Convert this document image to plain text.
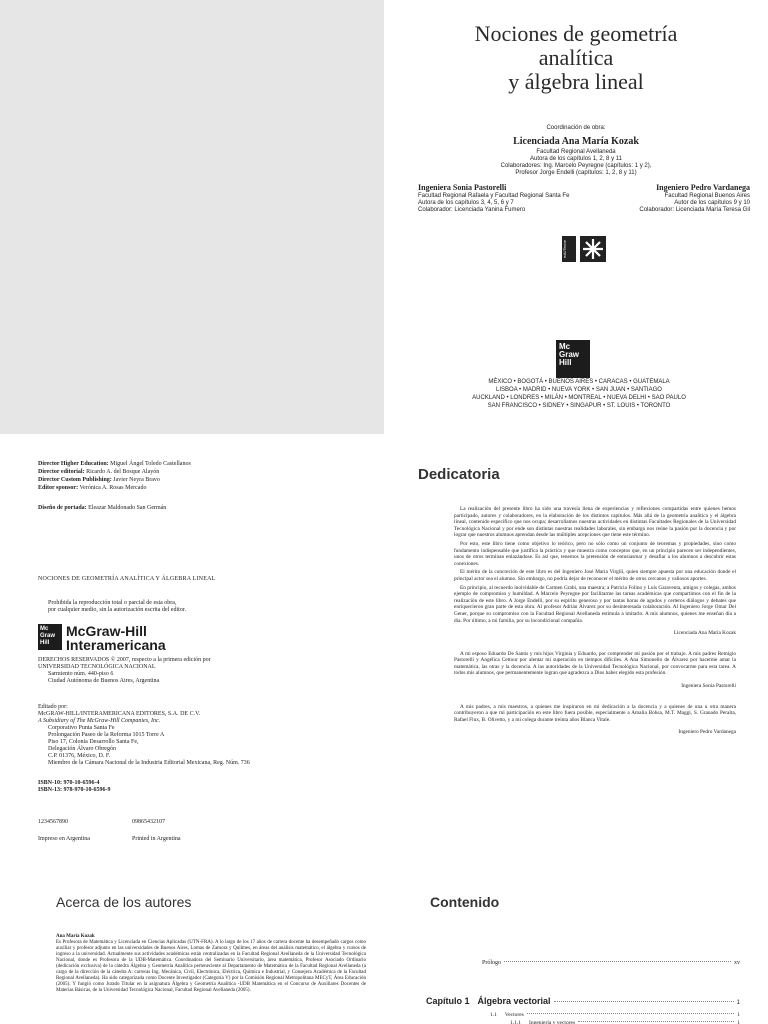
Nociones de geometría
analítica
y álgebra lineal
Coordinación de obra:
Licenciada Ana María Kozak
Facultad Regional Avellaneda
Autora de los capítulos 1, 2, 8 y 11
Colaboradores: Ing. Marcelo Peyregne (capítulos: 1 y 2),
Profesor Jorge Endelli (capítulos: 1, 2, 8 y 11)
Ingeniera Sonia Pastorelli
Facultad Regional Rafaela y Facultad Regional Santa Fe
Autora de los capítulos 3, 4, 5, 6 y 7
Colaborador: Licenciada Yanina Fumero
Ingeniero Pedro Vardanega
Facultad Regional Buenos Aires
Autor de los capítulos 9 y 10
Colaborador: Licenciada María Teresa Gil
edUTecne
Mc Graw Hill
MÉXICO • BOGOTÁ • BUENOS AIRES • CARACAS • GUATEMALA
LISBOA • MADRID • NUEVA YORK • SAN JUAN • SANTIAGO
AUCKLAND • LONDRES • MILÁN • MONTREAL • NUEVA DELHI • SAO PAULO
SAN FRANCISCO • SIDNEY • SINGAPUR • ST. LOUIS • TORONTO
Director Higher Education: Miguel Ángel Toledo Castellanos
Director editorial: Ricardo A. del Bosque Alayón
Director Custom Publishing: Javier Neyra Bravo
Editor sponsor: Verónica A. Rosas Mercado
Diseño de portada: Eleazar Maldonado San Germán
NOCIONES DE GEOMETRÍA ANALÍTICA Y ÁLGEBRA LINEAL
Prohibida la reproducción total o parcial de esta obra,
por cualquier medio, sin la autorización escrita del editor.
Mc Graw Hill
McGraw-Hill
Interamericana
DERECHOS RESERVADOS © 2007, respecto a la primera edición por
UNIVERSIDAD TECNOLÓGICA NACIONAL
Sarmiento núm. 440-piso 6
Ciudad Autónoma de Buenos Aires, Argentina
Editado por:
McGRAW-HILL/INTERAMERICANA EDITORES, S.A. DE C.V.
A Subsidiary of The McGraw-Hill Companies, Inc.
Corporativo Punta Santa Fe
Prolongación Paseo de la Reforma 1015 Torre A
Piso 17, Colonia Desarrollo Santa Fe,
Delegación Álvaro Obregón
C.P. 01376, México, D. F.
Miembro de la Cámara Nacional de la Industria Editorial Mexicana, Reg. Núm. 736
ISBN-10: 970-10-6596-4
ISBN-13: 978-970-10-6596-9
1234567890	09865432107
Impreso en Argentina	Printed in Argentina
Dedicatoria

La realización del presente libro ha sido una travesía llena de experiencias y reflexiones compartidas entre quienes hemos participado, autores y colaboradores, en la elaboración de los distintos capítulos. Más allá de la geometría analítica y el álgebra lineal, contenido específico que nos ocupa; desarrollamos nuestras actividades en distintas Facultades Regionales de la Universidad Tecnológica Nacional y por ende son distintas nuestras realidades laborales, sin embargo nos reúne la pasión por la docencia y por lograr que nuestros alumnos aprendan desde las múltiples acepciones que tiene este término.

Por esto, este libro tiene como objetivo lo teórico, pero no sólo como un conjunto de teoremas y propiedades, sino como fundamento indispensable que justifica la práctica y que muestra como conceptos que, en un principio parecen ser independientes, unos de otros terminan enlazándose. Es así que, tenemos la pretensión de entusiasmar y desafiar a los alumnos a descubrir estas conexiones.

El mérito de la concreción de este libro es del Ingeniero José María Virgili, quien siempre apuesta por una educación donde el principal actor sea el alumno. Sin embargo, no podría dejar de reconocer el mérito de otros cercanos y valiosos aportes.

En principio, al recuerdo inolvidable de Carmen Grabi, una maestra; a Patricia Folino y Luis Garaventa, amigos y colegas, ambos ejemplo de compromiso y humildad. A Marcelo Peyregne por facilitarme las tareas académicas que compartimos con el fin de la realización de este libro. A Jorge Endelli, por su espíritu generoso y por tantas horas de agudos y certeros diálogos y debates que enriquecieron gran parte de esta obra. Al profesor Adrián Álvarez por su desinteresada colaboración. Al Ingeniero Jorge Omar Del Gener, porque su compromiso con la Facultad Regional Avellaneda estimula a imitarlo. A mis alumnos, quienes me enseñan día a día. Por último, a mi familia, por su incondicional compañía.

Licenciada Ana María Kozak

A mi esposo Eduardo De Santis y mis hijos Virginia y Eduardo, por comprender mi pasión por el trabajo. A mis padres Remigio Pastorelli y Angélica Cettour por alentar mi superación en tiempos difíciles. A Ana Simonello de Álvarez por hacerme amar la matemática, las otras y la docencia. A las autoridades de la Universidad Tecnológica Nacional, por convocarme para esta tarea. A todos mis alumnos, que permanentemente logran que agradezca a Dios haber elegido esta profesión.

Ingeniera Sonia Pastorelli

A mis padres, a mis maestros, a quienes me inspiraron en mi dedicación a la docencia y a quienes de una u otra manera contribuyeron a que mi participación en este libro fuera posible, especialmente a Amalia Bohsa, M.T. Maggi, S. Granado Peralta, Rafael Flux, B. Olivetto, y a mi colega durante treinta años Blanca Vitale.

Ingeniero Pedro Vardanega

Acerca de los autores
Ana María Kozak
Es Profesora de Matemática y Licenciada en Ciencias Aplicadas (UTN-FRA). A lo largo de los 17 años de carrera docente ha desempeñado cargos como auxiliar y profesor adjunto en las universidades de Buenos Aires, Lomas de Zamora y Quilmes, en áreas del análisis matemático, el álgebra y cursos de ingreso a la universidad. Actualmente sus actividades académicas están centralizadas en la Facultad Regional Avellaneda de la Universidad Tecnológica Nacional, donde es Profesora de la UDB-Matemática. Coordinadora del Seminario Universitario, área matemática, Profesor Asociado Ordinario (dedicación exclusiva) de la cátedra Álgebra y Geometría Analítica perteneciente al Departamento de Matemática de la Facultad Regional Avellaneda (a cargo de la dirección de la cátedra A: carreras Ing. Mecánica, Civil, Electrónica, Eléctrica, Química e Industrial, y Consejera Académica de la Facultad Regional Avellaneda). Ha sido categorizada como Docente Investigador (Categoría V) por la Comisión Regional Metropolitana MECyT, Área Educación (2005). Y fungió como Jurado Titular en la asignatura Álgebra y Geometría Analítica -UDB Matemática en el Concurso de Auxiliares Docentes de Materias Básicas, de la Universidad Tecnológica Nacional, Facultad Regional Avellaneda (2005).
Contenido
Prólogo	xv
Capítulo 1 Álgebra vectorial	1
1.1 Vectores	1
1.1.1 Ingeniería y vectores	1
